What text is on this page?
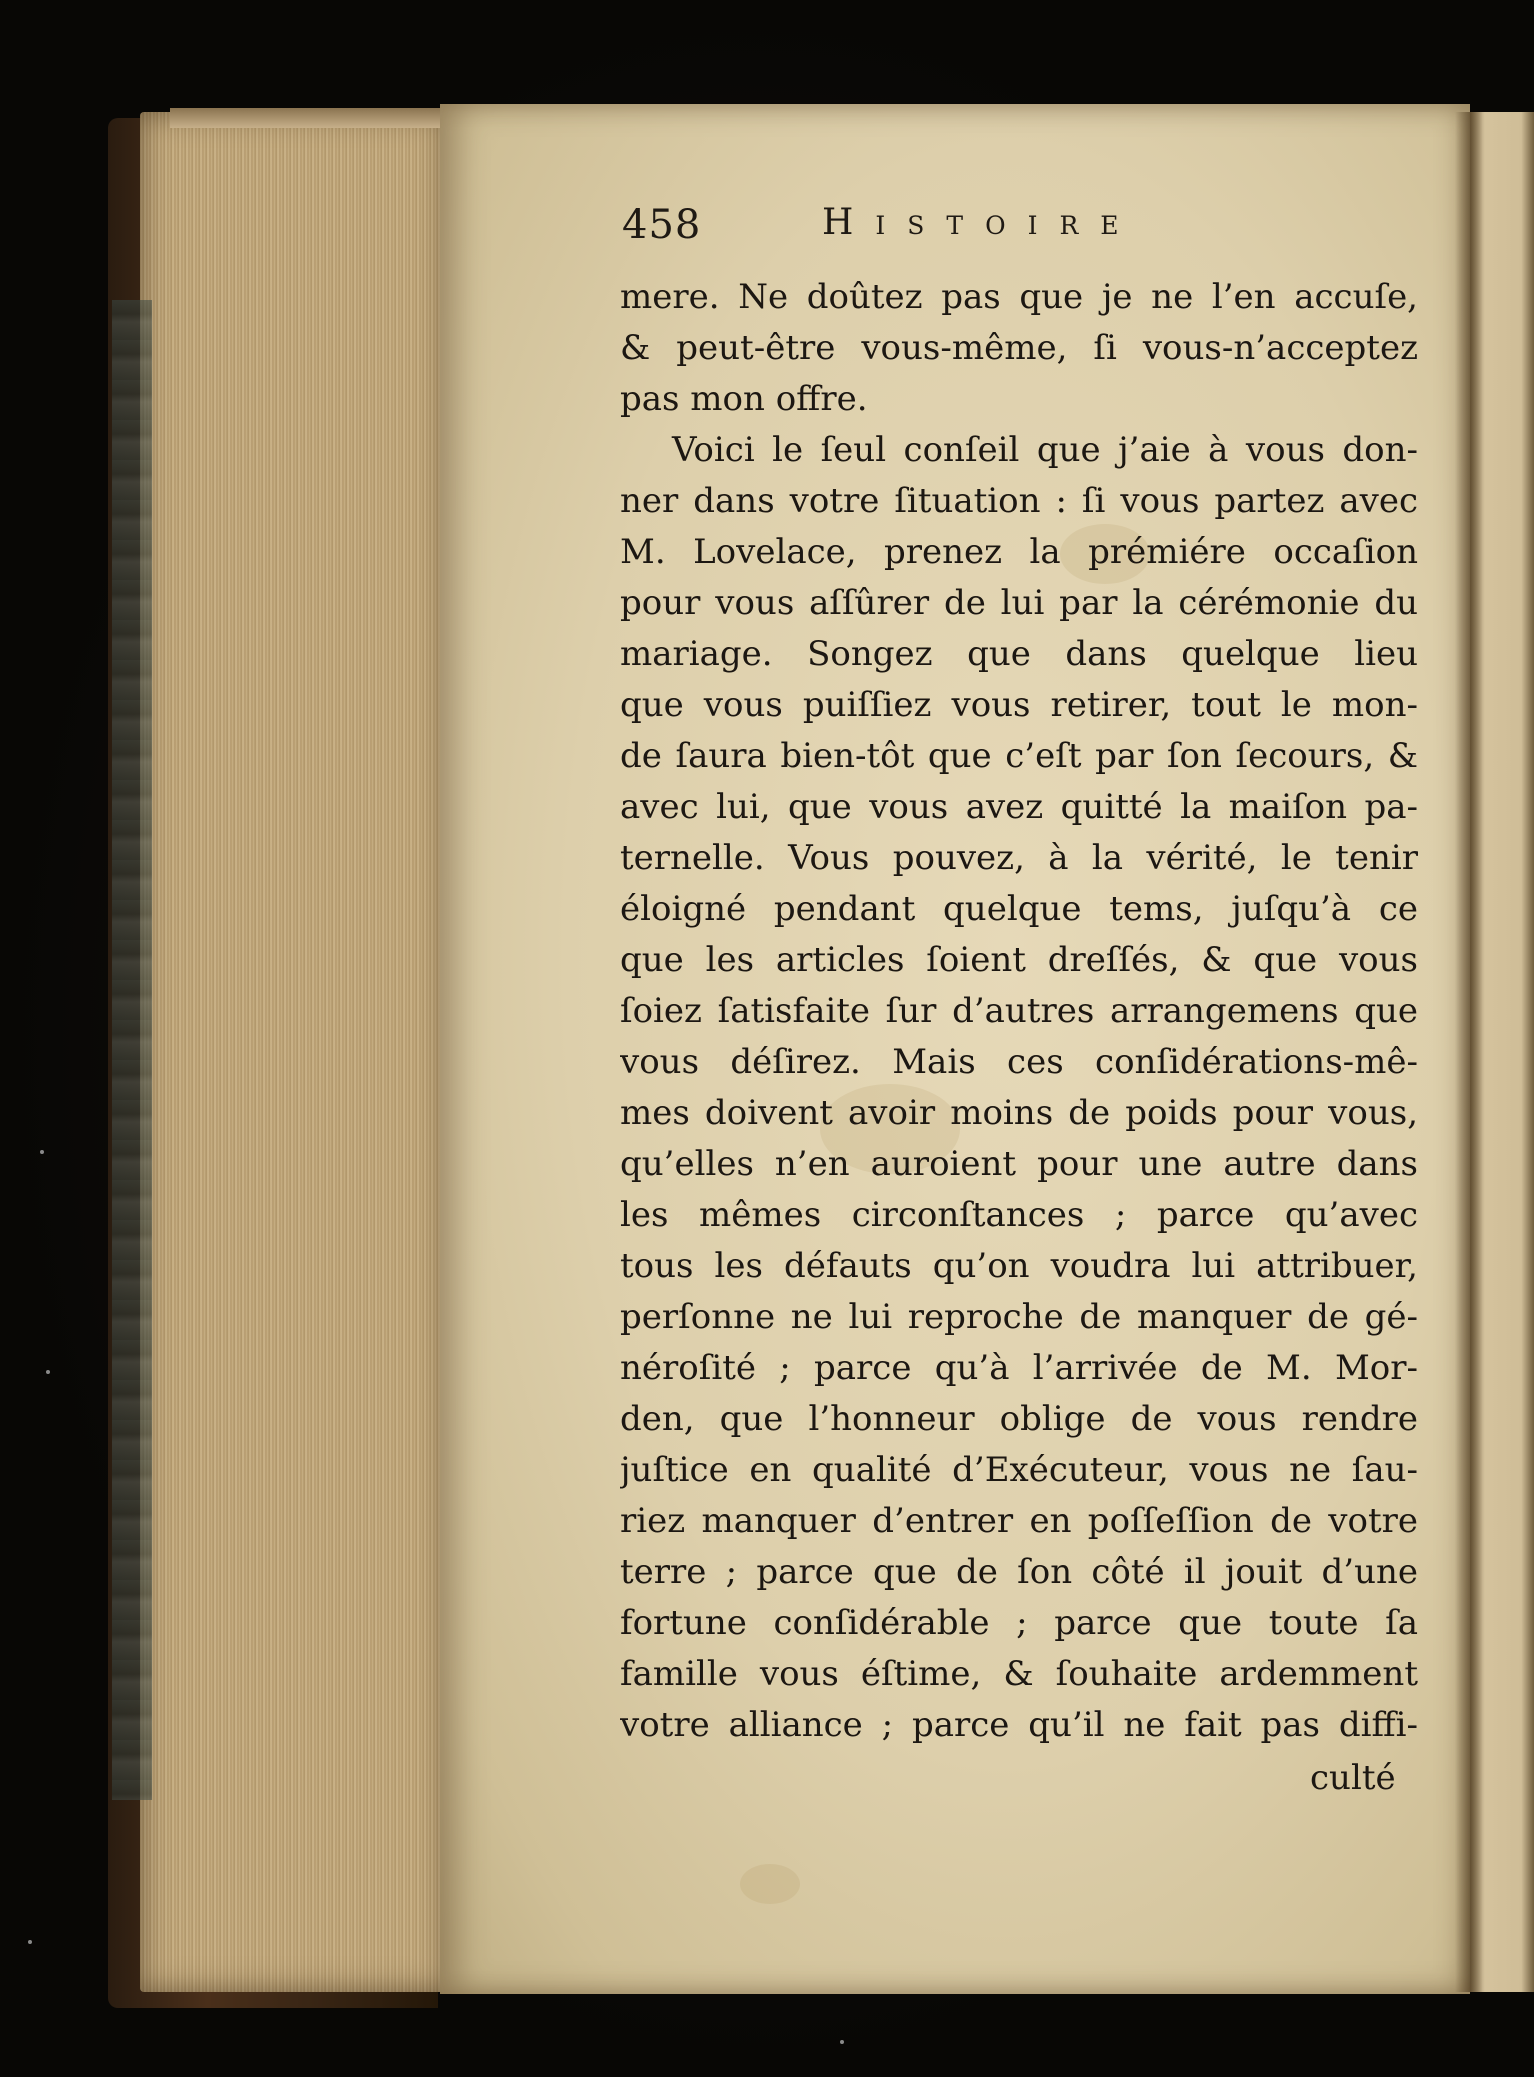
458	Histoire
mere. Ne doûtez pas que je ne l’en accuſe,
& peut-être vous-même, ſi vous-n’acceptez
pas mon offre.
Voici le ſeul conſeil que j’aie à vous don-
ner dans votre ſituation : ſi vous partez avec
M. Lovelace, prenez la prémiére occaſion
pour vous aſſûrer de lui par la cérémonie du
mariage. Songez que dans quelque lieu
que vous puiſſiez vous retirer, tout le mon-
de ſaura bien-tôt que c’eſt par ſon ſecours, &
avec lui, que vous avez quitté la maiſon pa-
ternelle. Vous pouvez, à la vérité, le tenir
éloigné pendant quelque tems, juſqu’à ce
que les articles ſoient dreſſés, & que vous
ſoiez ſatisfaite ſur d’autres arrangemens que
vous déſirez. Mais ces conſidérations-mê-
mes doivent avoir moins de poids pour vous,
qu’elles n’en auroient pour une autre dans
les mêmes circonſtances ; parce qu’avec
tous les défauts qu’on voudra lui attribuer,
perſonne ne lui reproche de manquer de gé-
néroſité ; parce qu’à l’arrivée de M. Mor-
den, que l’honneur oblige de vous rendre
juſtice en qualité d’Exécuteur, vous ne ſau-
riez manquer d’entrer en poſſeſſion de votre
terre ; parce que de ſon côté il jouit d’une
fortune conſidérable ; parce que toute ſa
famille vous éſtime, & ſouhaite ardemment
votre alliance ; parce qu’il ne fait pas diffi-
culté
